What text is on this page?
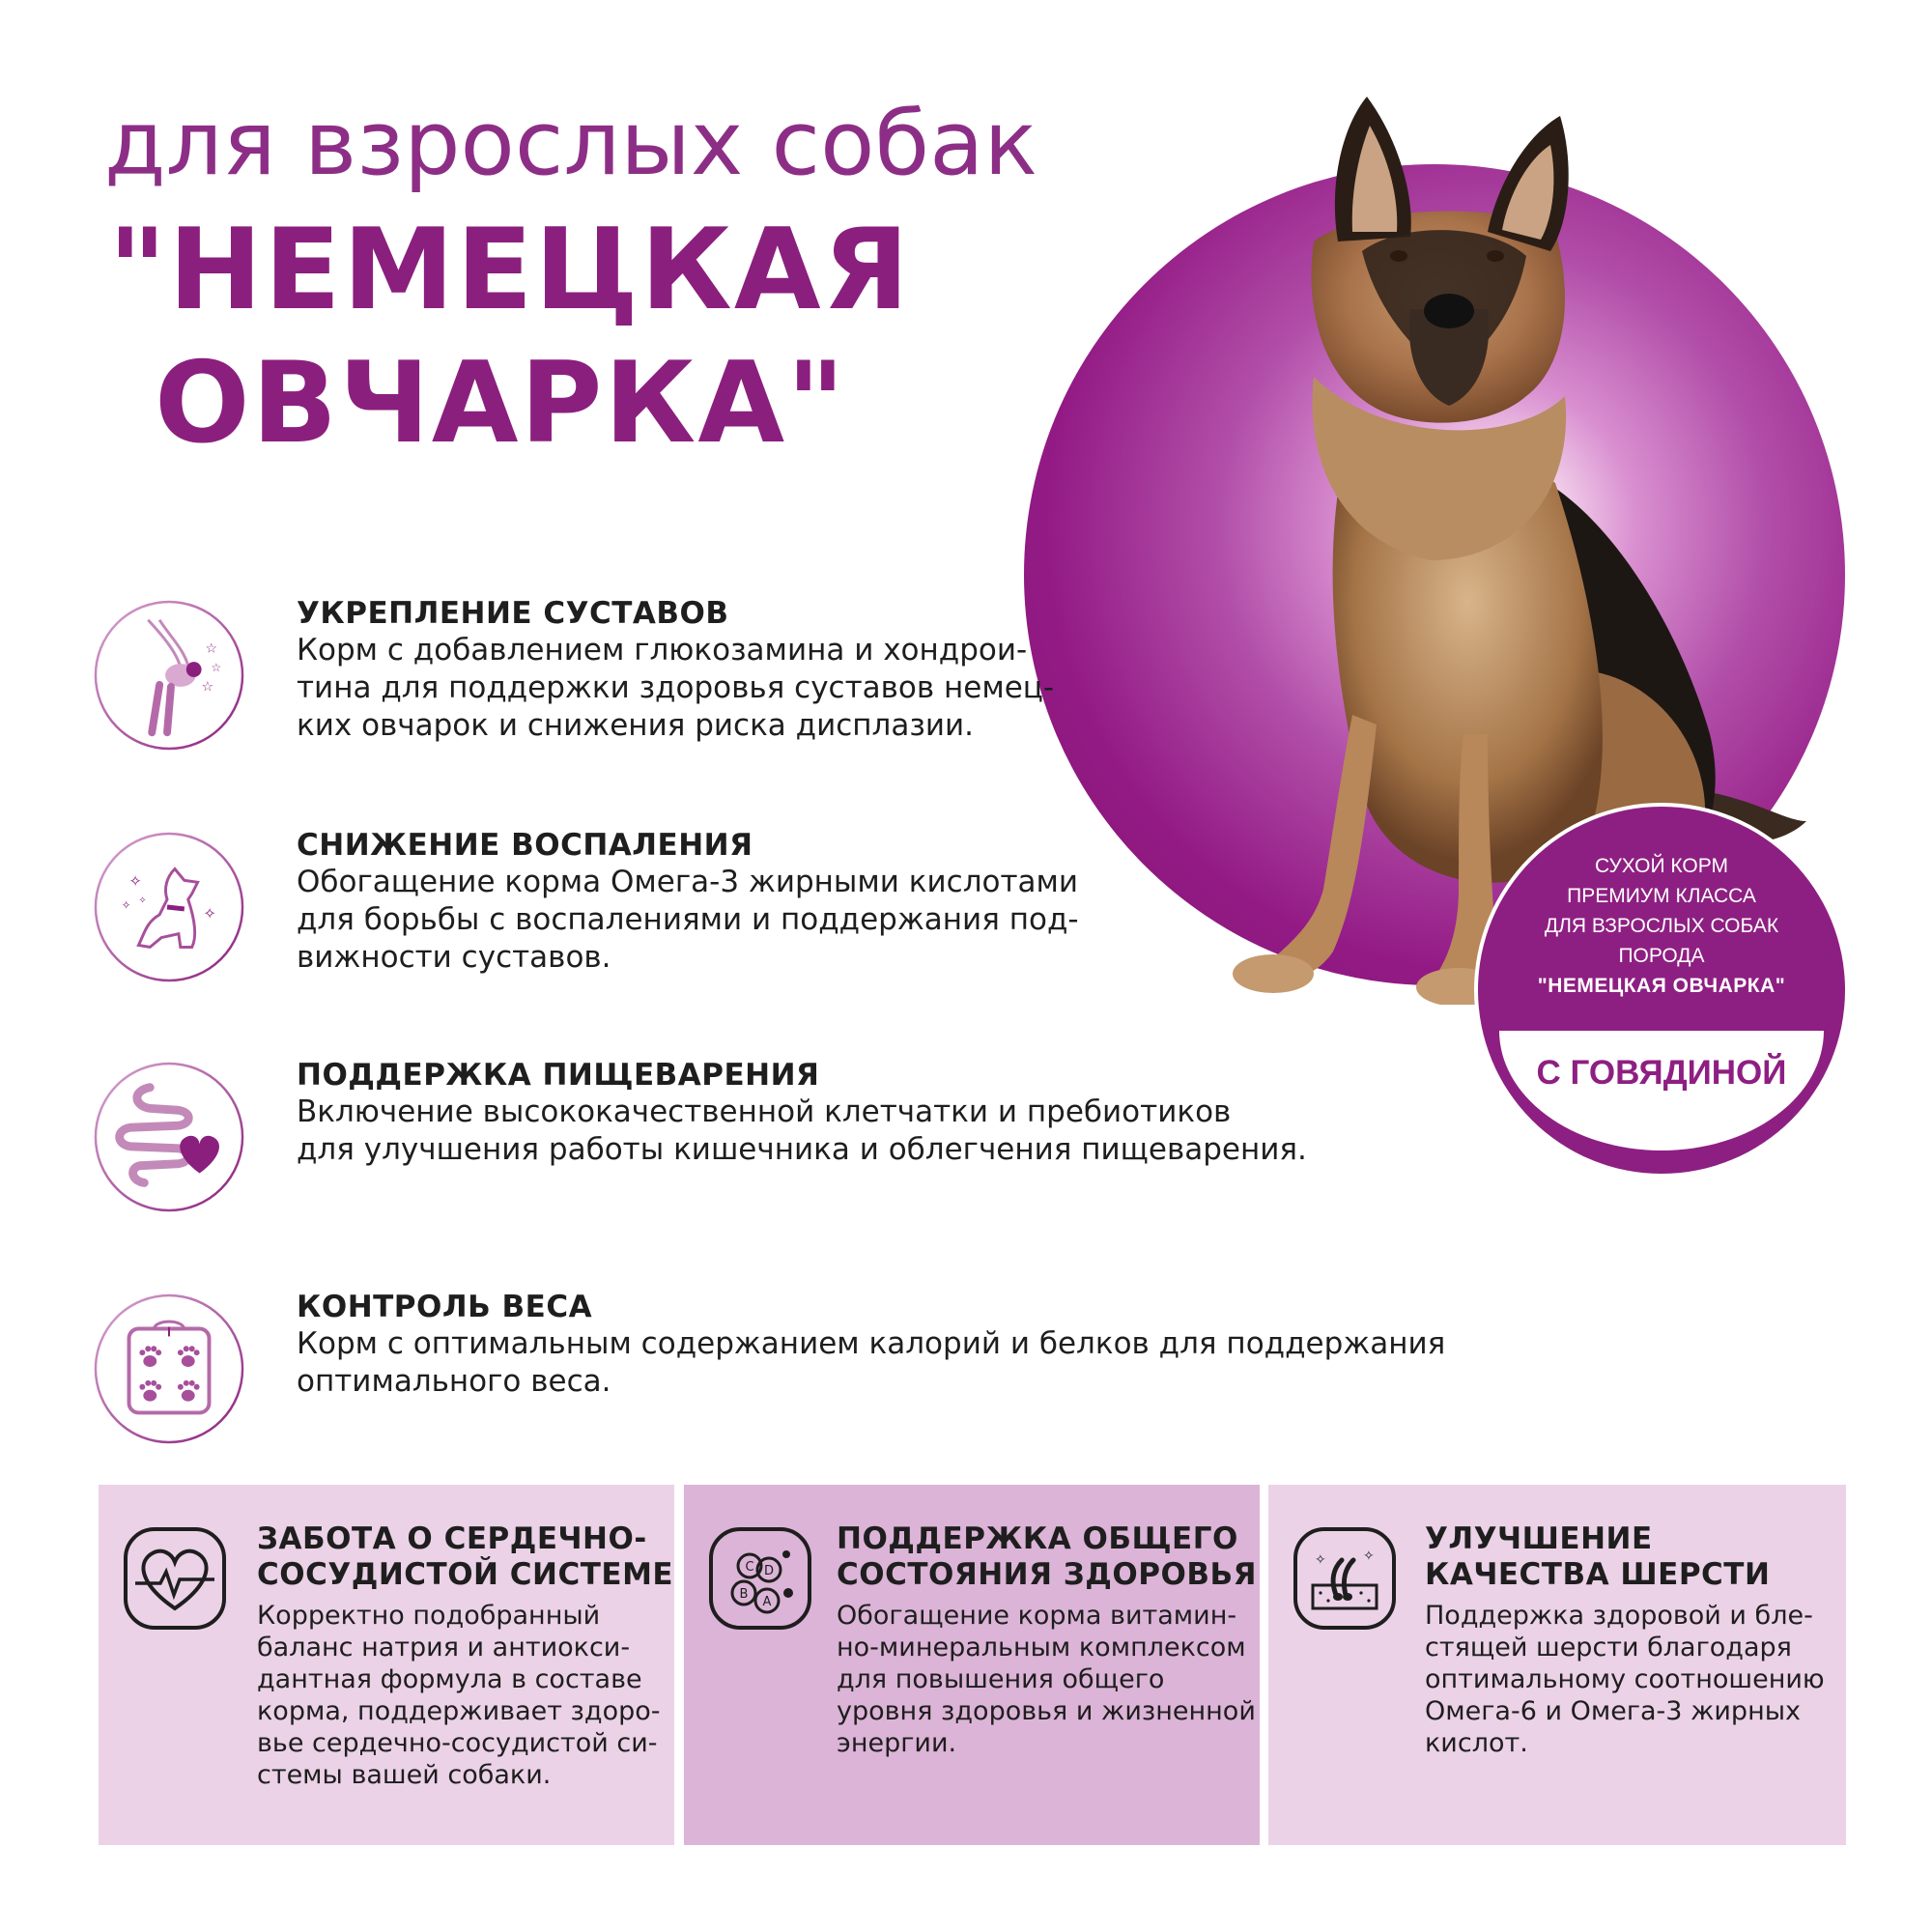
для взрослых собак
"НЕМЕЦКАЯ
ОВЧАРКА"
СУХОЙ КОРМ
ПРЕМИУМ КЛАССА
ДЛЯ ВЗРОСЛЫХ СОБАК
ПОРОДА
"НЕМЕЦКАЯ ОВЧАРКА"
С ГОВЯДИНОЙ
☆
☆
☆
УКРЕПЛЕНИЕ СУСТАВОВ
Корм с добавлением глюкозамина и хондрои-
тина для поддержки здоровья суставов немец-
ких овчарок и снижения риска дисплазии.
✧
✧ ✧
✧
СНИЖЕНИЕ ВОСПАЛЕНИЯ
Обогащение корма Омега-3 жирными кислотами
для борьбы с воспалениями и поддержания под-
вижности суставов.
ПОДДЕРЖКА ПИЩЕВАРЕНИЯ
Включение высококачественной клетчатки и пребиотиков
для улучшения работы кишечника и облегчения пищеварения.
КОНТРОЛЬ ВЕСА
Корм с оптимальным содержанием калорий и белков для поддержания
оптимального веса.
ЗАБОТА О СЕРДЕЧНО-
СОСУДИСТОЙ СИСТЕМЕ
Корректно подобранный
баланс натрия и антиокси-
дантная формула в составе
корма, поддерживает здоро-
вье сердечно-сосудистой си-
стемы вашей собаки.
C D
B
A
ПОДДЕРЖКА ОБЩЕГО
СОСТОЯНИЯ ЗДОРОВЬЯ
Обогащение корма витамин-
но-минеральным комплексом
для повышения общего
уровня здоровья и жизненной
энергии.
✧	✧ УЛУЧШЕНИЕ
КАЧЕСТВА ШЕРСТИ
Поддержка здоровой и бле-
стящей шерсти благодаря
оптимальному соотношению
Омега-6 и Омега-3 жирных
кислот.
